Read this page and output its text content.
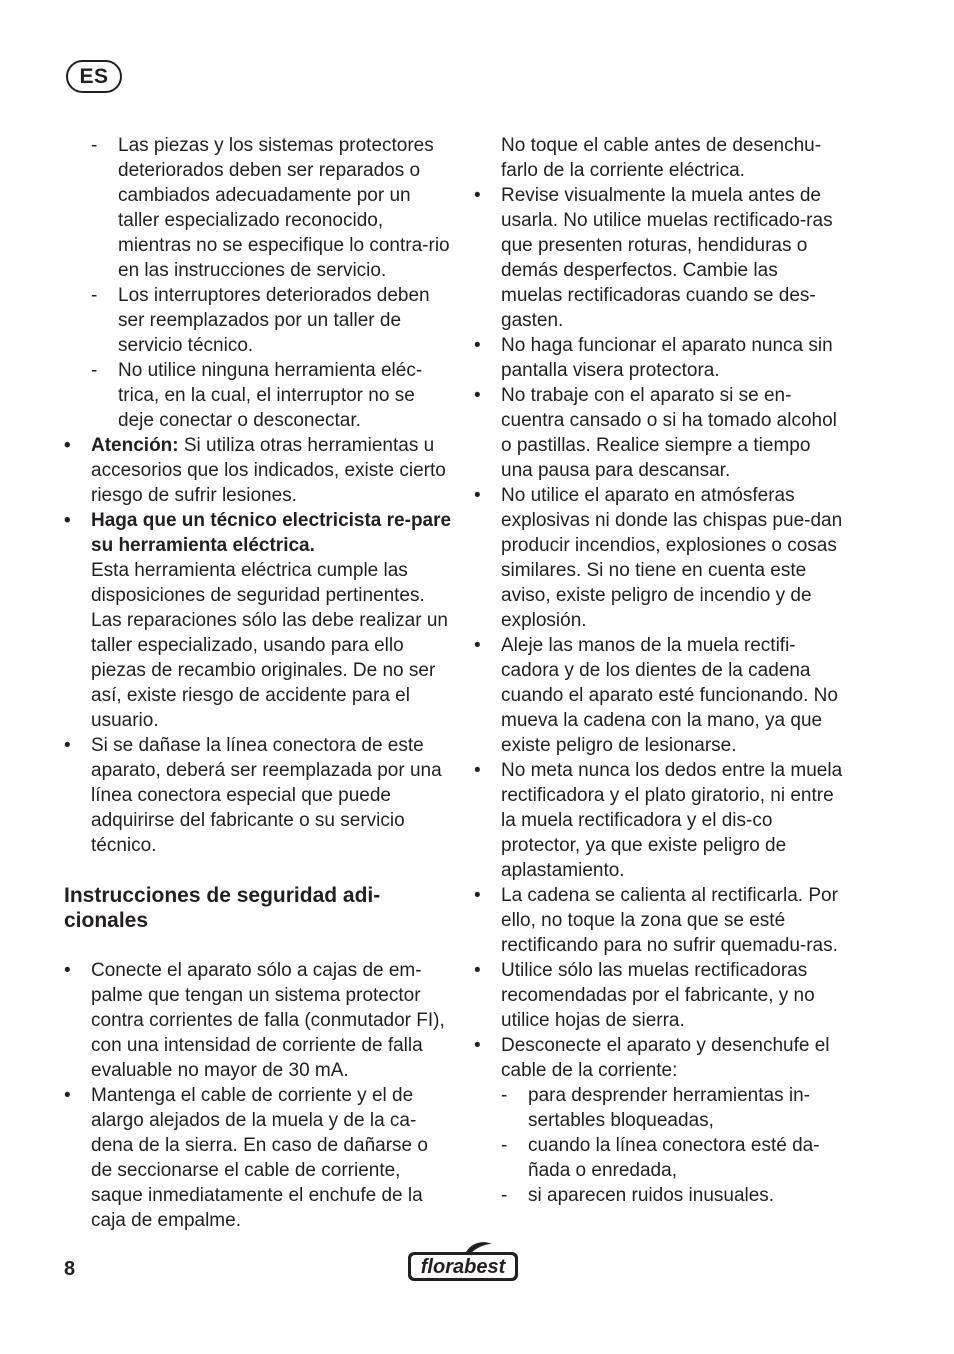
ES
- Las piezas y los sistemas protectores deteriorados deben ser reparados o cambiados adecuadamente por un taller especializado reconocido, mientras no se especifique lo contra-rio en las instrucciones de servicio.
- Los interruptores deteriorados deben ser reemplazados por un taller de servicio técnico.
- No utilice ninguna herramienta eléc-trica, en la cual, el interruptor no se deje conectar o desconectar.
• Atención: Si utiliza otras herramientas u accesorios que los indicados, existe cierto riesgo de sufrir lesiones.
• Haga que un técnico electricista re-pare su herramienta eléctrica.

Esta herramienta eléctrica cumple las disposiciones de seguridad pertinentes. Las reparaciones sólo las debe realizar un taller especializado, usando para ello piezas de recambio originales. De no ser así, existe riesgo de accidente para el usuario.

• Si se dañase la línea conectora de este aparato, deberá ser reemplazada por una línea conectora especial que puede adquirirse del fabricante o su servicio técnico.
Instrucciones de seguridad adi-cionales
• Conecte el aparato sólo a cajas de em-palme que tengan un sistema protector contra corrientes de falla (conmutador FI), con una intensidad de corriente de falla evaluable no mayor de 30 mA.
• Mantenga el cable de corriente y el de alargo alejados de la muela y de la ca-dena de la sierra. En caso de dañarse o de seccionarse el cable de corriente, saque inmediatamente el enchufe de la caja de empalme.
No toque el cable antes de desenchu-farlo de la corriente eléctrica.
• Revise visualmente la muela antes de usarla. No utilice muelas rectificado-ras que presenten roturas, hendiduras o demás desperfectos. Cambie las muelas rectificadoras cuando se des-gasten.
• No haga funcionar el aparato nunca sin pantalla visera protectora.
• No trabaje con el aparato si se en-cuentra cansado o si ha tomado alcohol o pastillas. Realice siempre a tiempo una pausa para descansar.
• No utilice el aparato en atmósferas explosivas ni donde las chispas pue-dan producir incendios, explosiones o cosas similares. Si no tiene en cuenta este aviso, existe peligro de incendio y de explosión.
• Aleje las manos de la muela rectifi-cadora y de los dientes de la cadena cuando el aparato esté funcionando. No mueva la cadena con la mano, ya que existe peligro de lesionarse.
• No meta nunca los dedos entre la muela rectificadora y el plato giratorio, ni entre la muela rectificadora y el dis-co protector, ya que existe peligro de aplastamiento.
• La cadena se calienta al rectificarla. Por ello, no toque la zona que se esté rectificando para no sufrir quemadu-ras.
• Utilice sólo las muelas rectificadoras recomendadas por el fabricante, y no utilice hojas de sierra.
• Desconecte el aparato y desenchufe el cable de la corriente:
- para desprender herramientas in-sertables bloqueadas,
- cuando la línea conectora esté da-ñada o enredada,
- si aparecen ruidos inusuales.
8	florabest
